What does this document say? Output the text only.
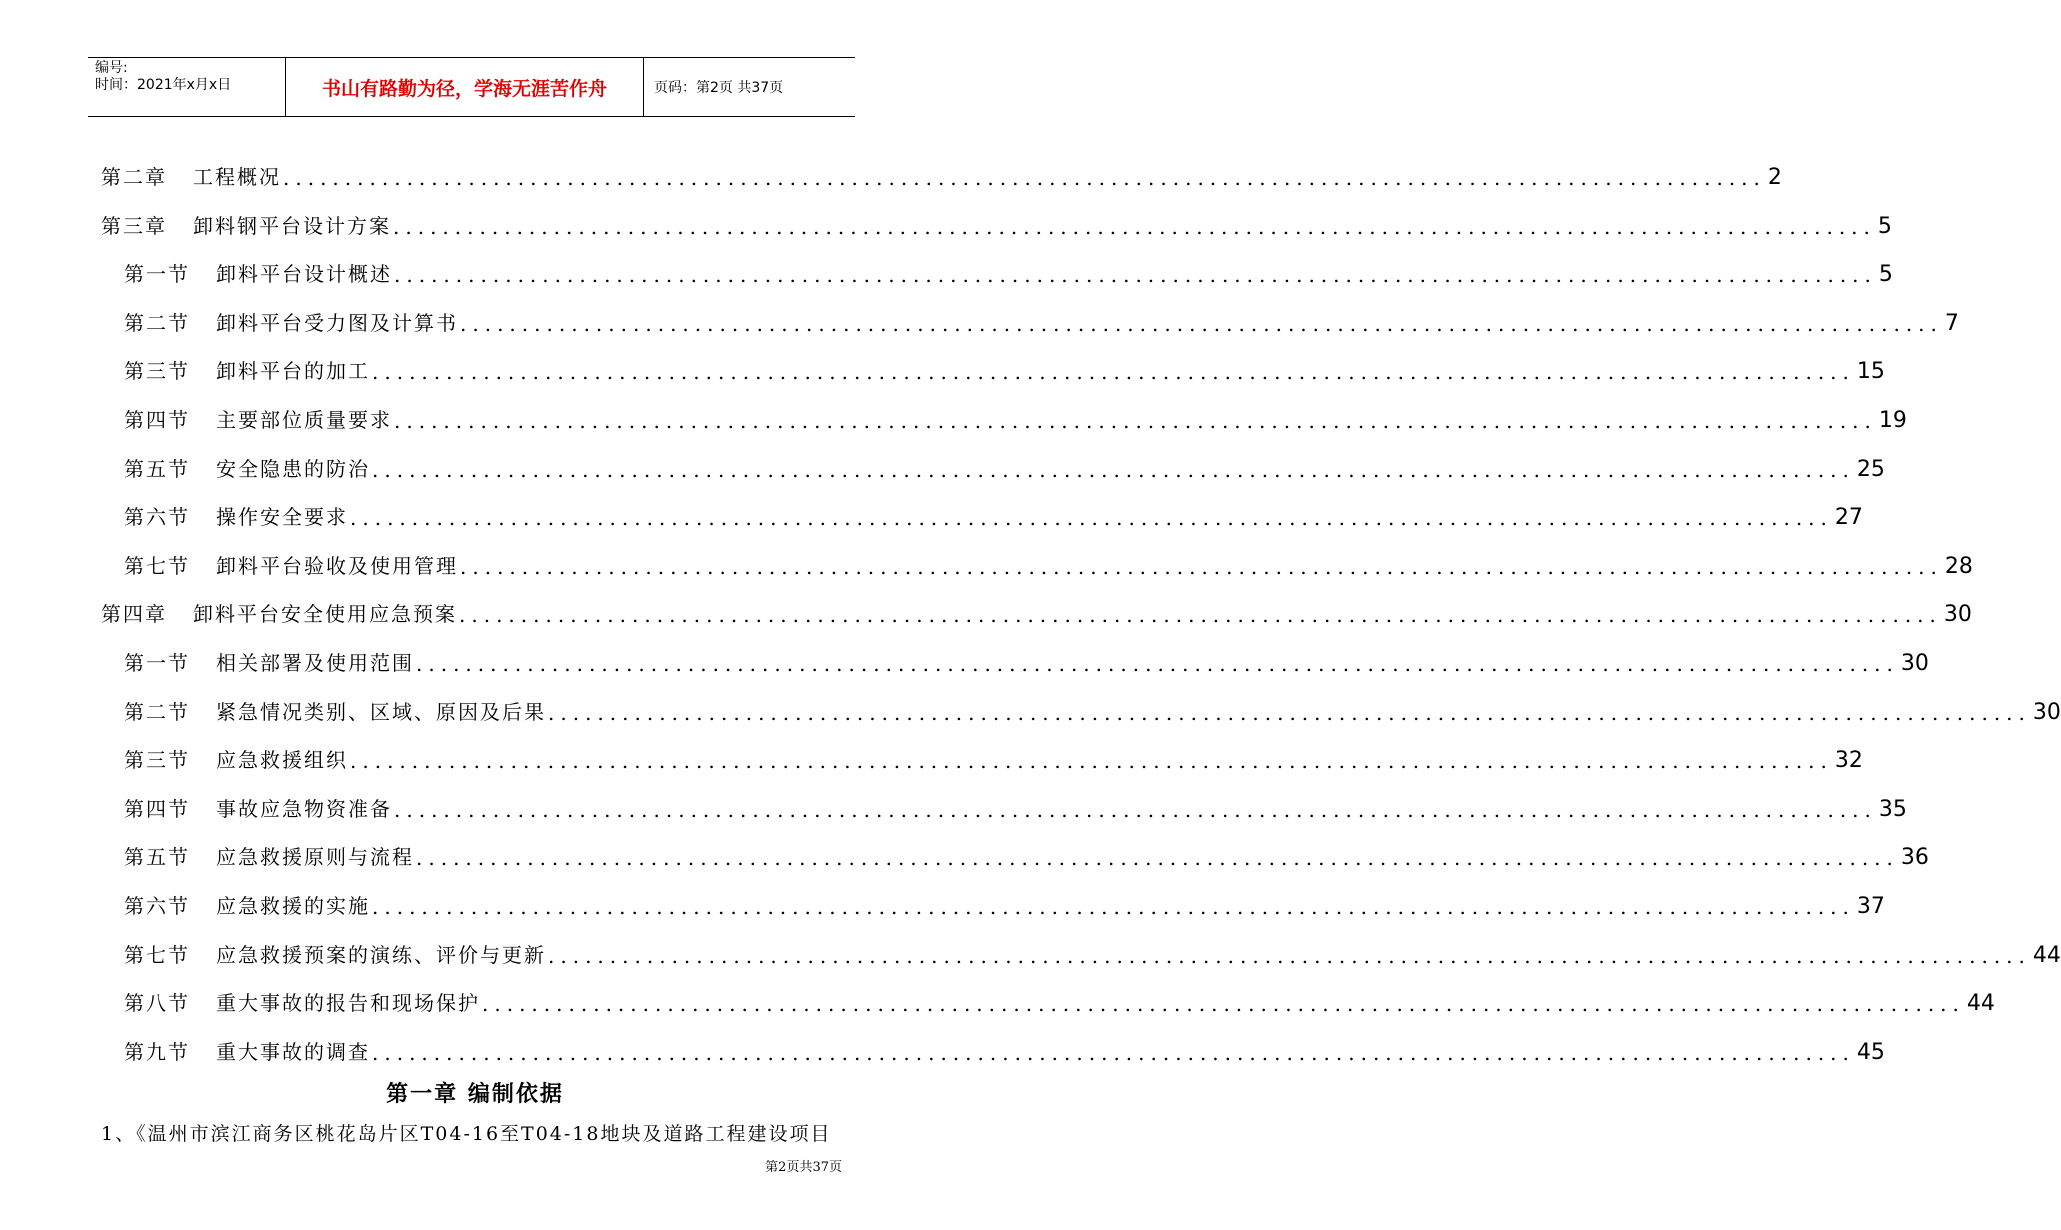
编号:
时间：2021年x月x日	书山有路勤为径，学海无涯苦作舟	页码：第2页 共37页
第二章 工程概况 ........................................................................................................................ 2
第三章 卸料钢平台设计方案 ........................................................................................................................ 5
第一节 卸料平台设计概述 ........................................................................................................................ 5
第二节 卸料平台受力图及计算书 ........................................................................................................................ 7
第三节 卸料平台的加工 ........................................................................................................................ 15
第四节 主要部位质量要求 ........................................................................................................................ 19
第五节 安全隐患的防治 ........................................................................................................................ 25
第六节 操作安全要求 ........................................................................................................................ 27
第七节 卸料平台验收及使用管理 ........................................................................................................................ 28
第四章 卸料平台安全使用应急预案 ........................................................................................................................ 30
第一节 相关部署及使用范围 ........................................................................................................................ 30
第二节 紧急情况类别、区域、原因及后果 ........................................................................................................................ 30
第三节 应急救援组织 ........................................................................................................................ 32
第四节 事故应急物资准备 ........................................................................................................................ 35
第五节 应急救援原则与流程 ........................................................................................................................ 36
第六节 应急救援的实施 ........................................................................................................................ 37
第七节 应急救援预案的演练、评价与更新 ........................................................................................................................ 44
第八节 重大事故的报告和现场保护 ........................................................................................................................ 44
第九节 重大事故的调查 ........................................................................................................................ 45
第一章 编制依据
1、《温州市滨江商务区桃花岛片区T04-16至T04-18地块及道路工程建设项目
第2页共37页
